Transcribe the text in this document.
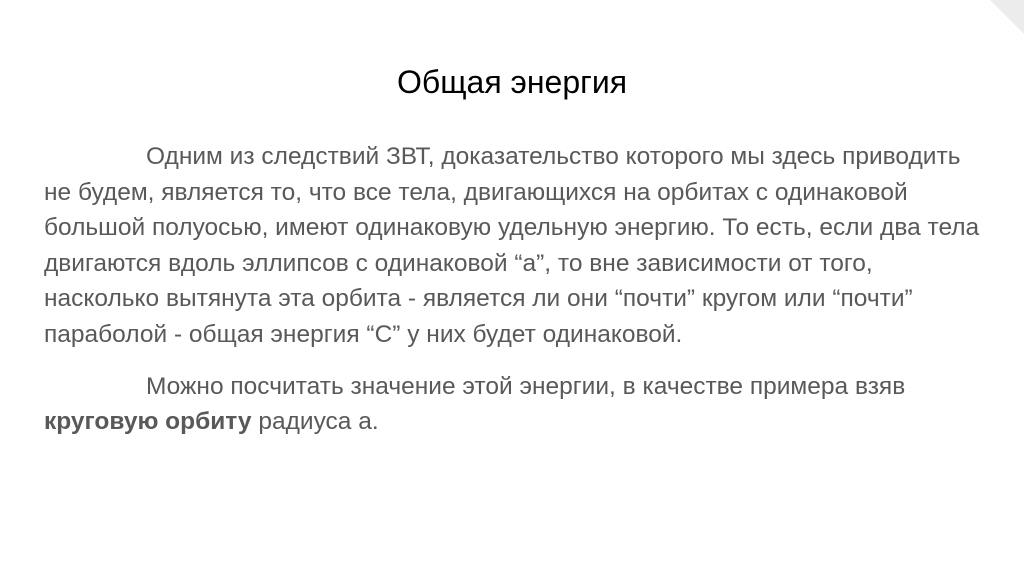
Общая энергия

Одним из следствий ЗВТ, доказательство которого мы здесь приводить не будем, является то, что все тела, двигающихся на орбитах с одинаковой большой полуосью, имеют одинаковую удельную энергию. То есть, если два тела двигаются вдоль эллипсов с одинаковой “а”, то вне зависимости от того, насколько вытянута эта орбита - является ли они “почти” кругом или “почти” параболой - общая энергия “С” у них будет одинаковой.

Можно посчитать значение этой энергии, в качестве примера взяв круговую орбиту радиуса а.
